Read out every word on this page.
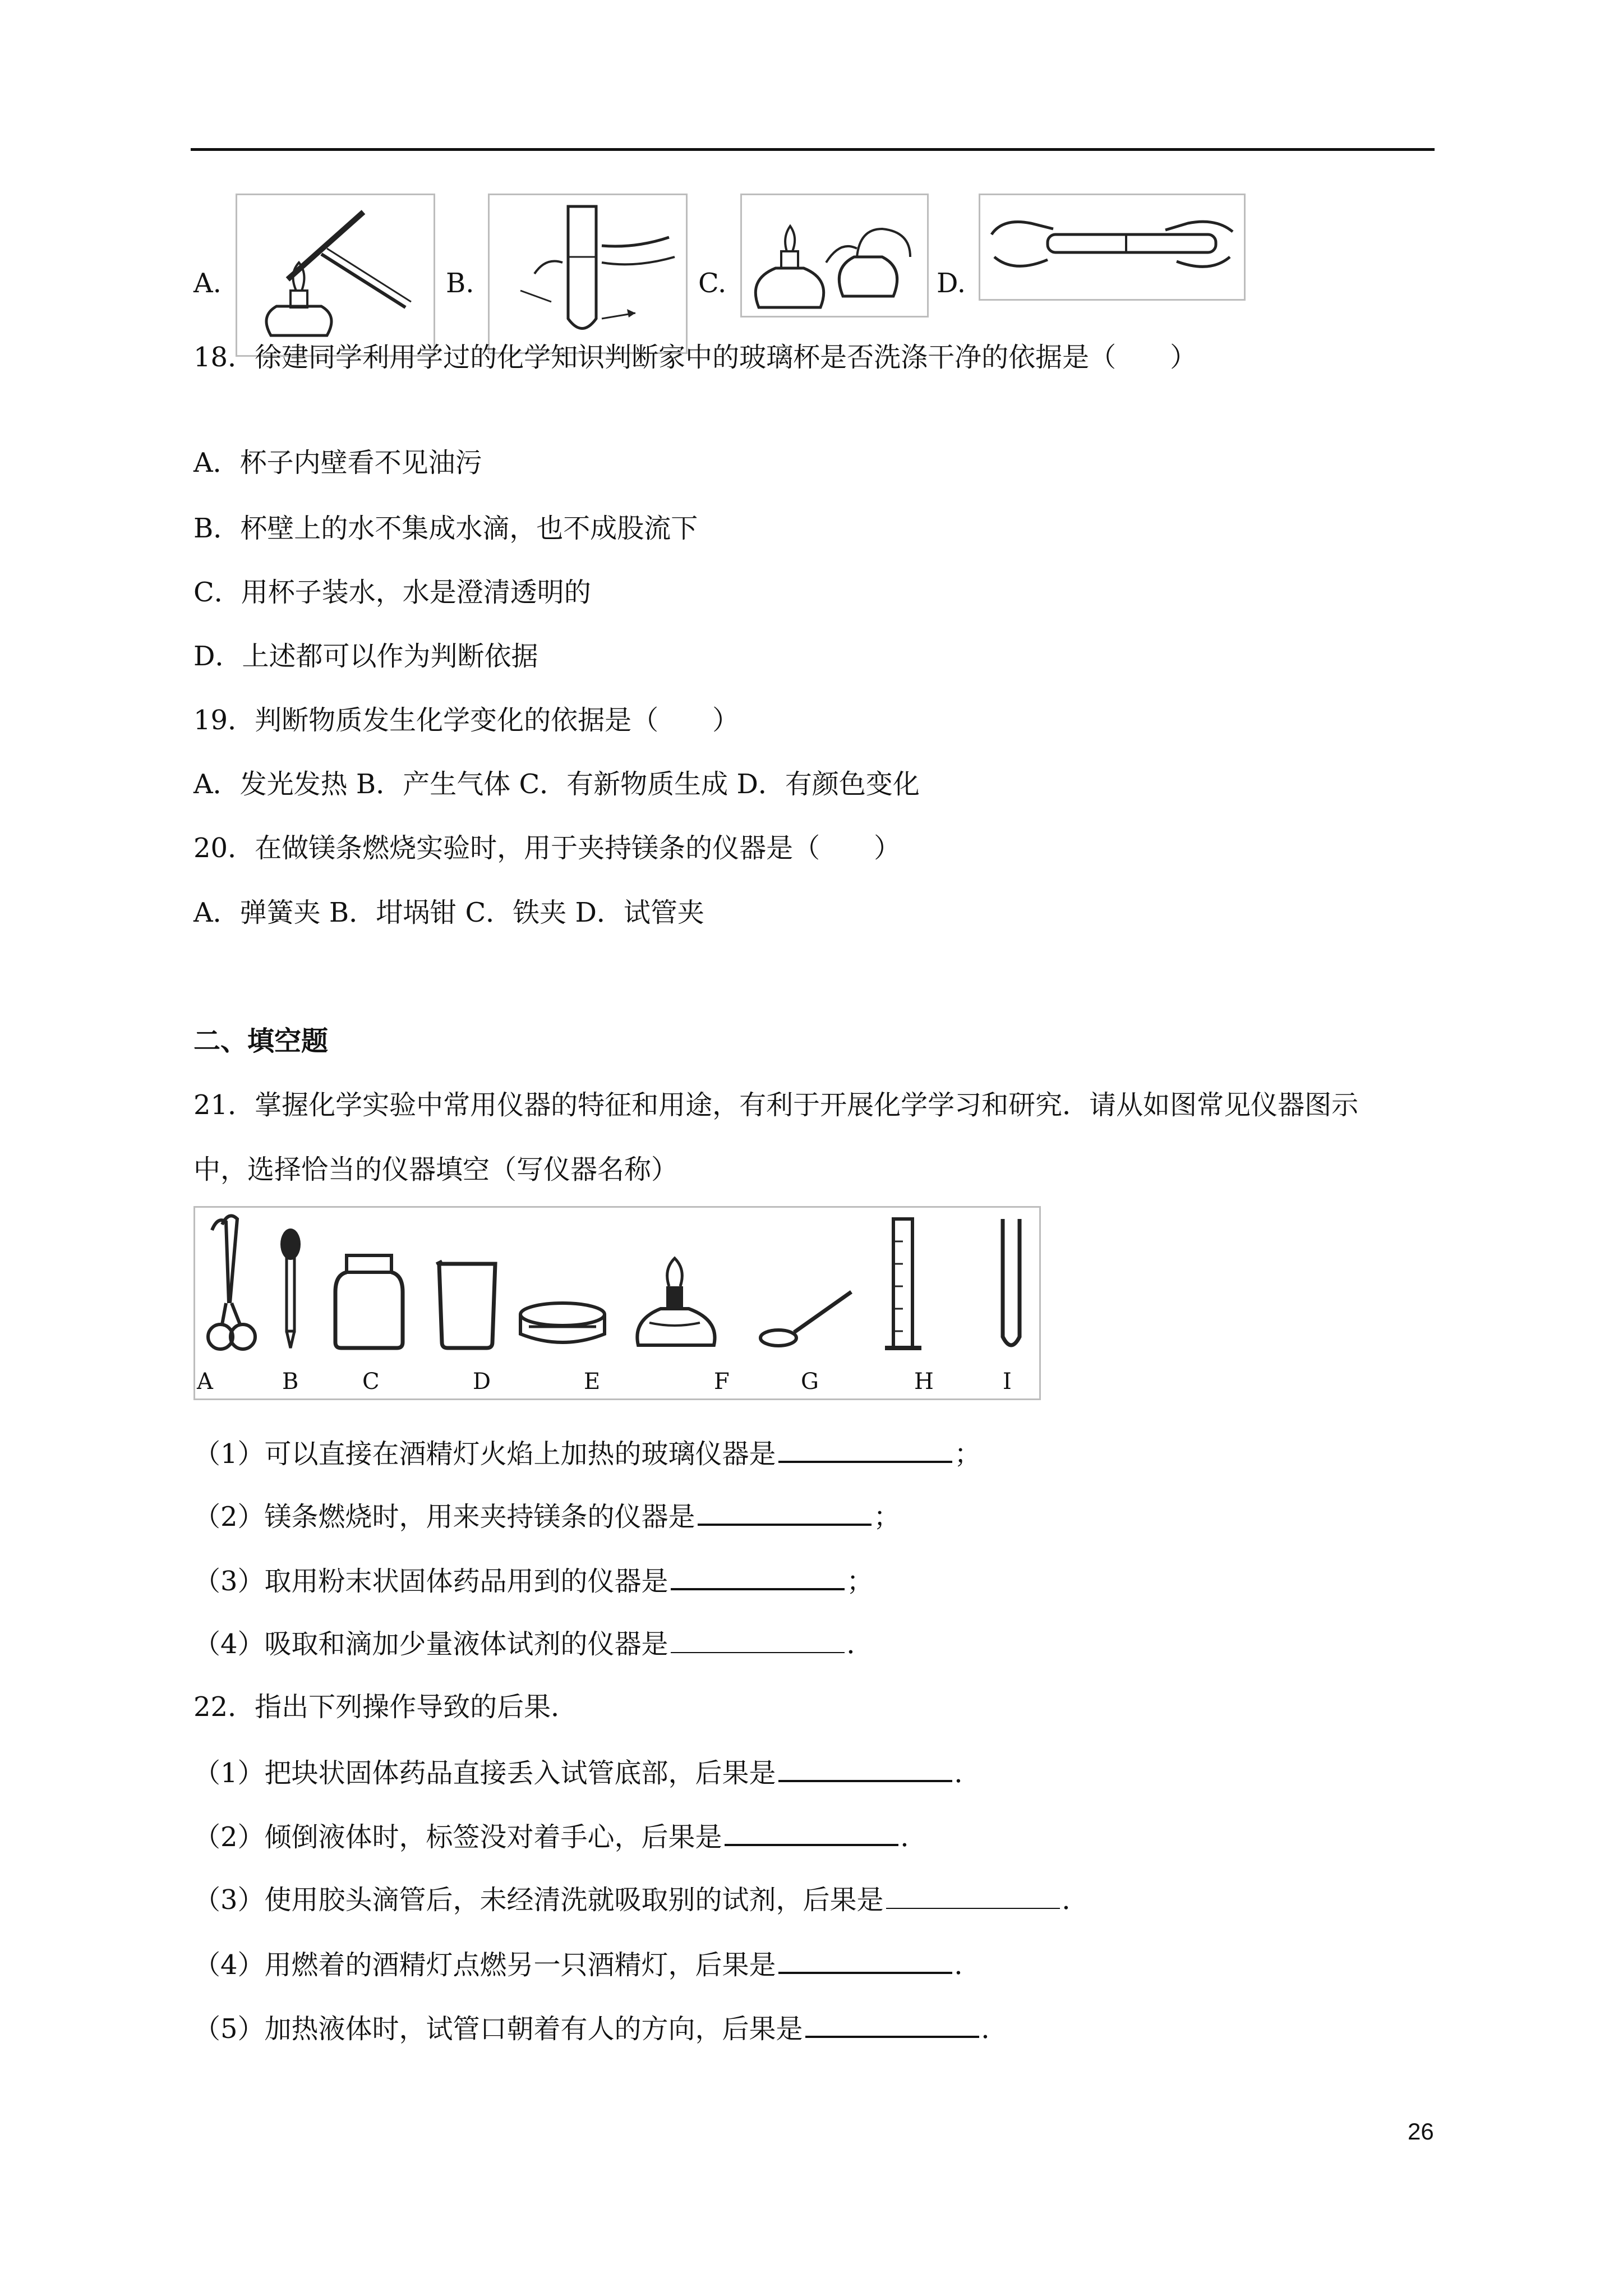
A.	B.	C.	D.
18．徐建同学利用学过的化学知识判断家中的玻璃杯是否洗涤干净的依据是（　　）
A．杯子内壁看不见油污
B．杯壁上的水不集成水滴，也不成股流下
C．用杯子装水，水是澄清透明的
D．上述都可以作为判断依据
19．判断物质发生化学变化的依据是（　　）
A．发光发热 B．产生气体 C．有新物质生成 D．有颜色变化
20．在做镁条燃烧实验时，用于夹持镁条的仪器是（　　）
A．弹簧夹 B．坩埚钳 C．铁夹 D．试管夹
二、填空题
21．掌握化学实验中常用仪器的特征和用途，有利于开展化学学习和研究．请从如图常见仪器图示
中，选择恰当的仪器填空（写仪器名称）
A	B	C	D	E	F	G	H	I
（1）可以直接在酒精灯火焰上加热的玻璃仪器是	；
（2）镁条燃烧时，用来夹持镁条的仪器是	；
（3）取用粉末状固体药品用到的仪器是	；
（4）吸取和滴加少量液体试剂的仪器是	．
22．指出下列操作导致的后果．
（1）把块状固体药品直接丢入试管底部，后果是	．
（2）倾倒液体时，标签没对着手心，后果是	．
（3）使用胶头滴管后，未经清洗就吸取别的试剂，后果是	．
（4）用燃着的酒精灯点燃另一只酒精灯，后果是	．
（5）加热液体时，试管口朝着有人的方向，后果是	．
26
